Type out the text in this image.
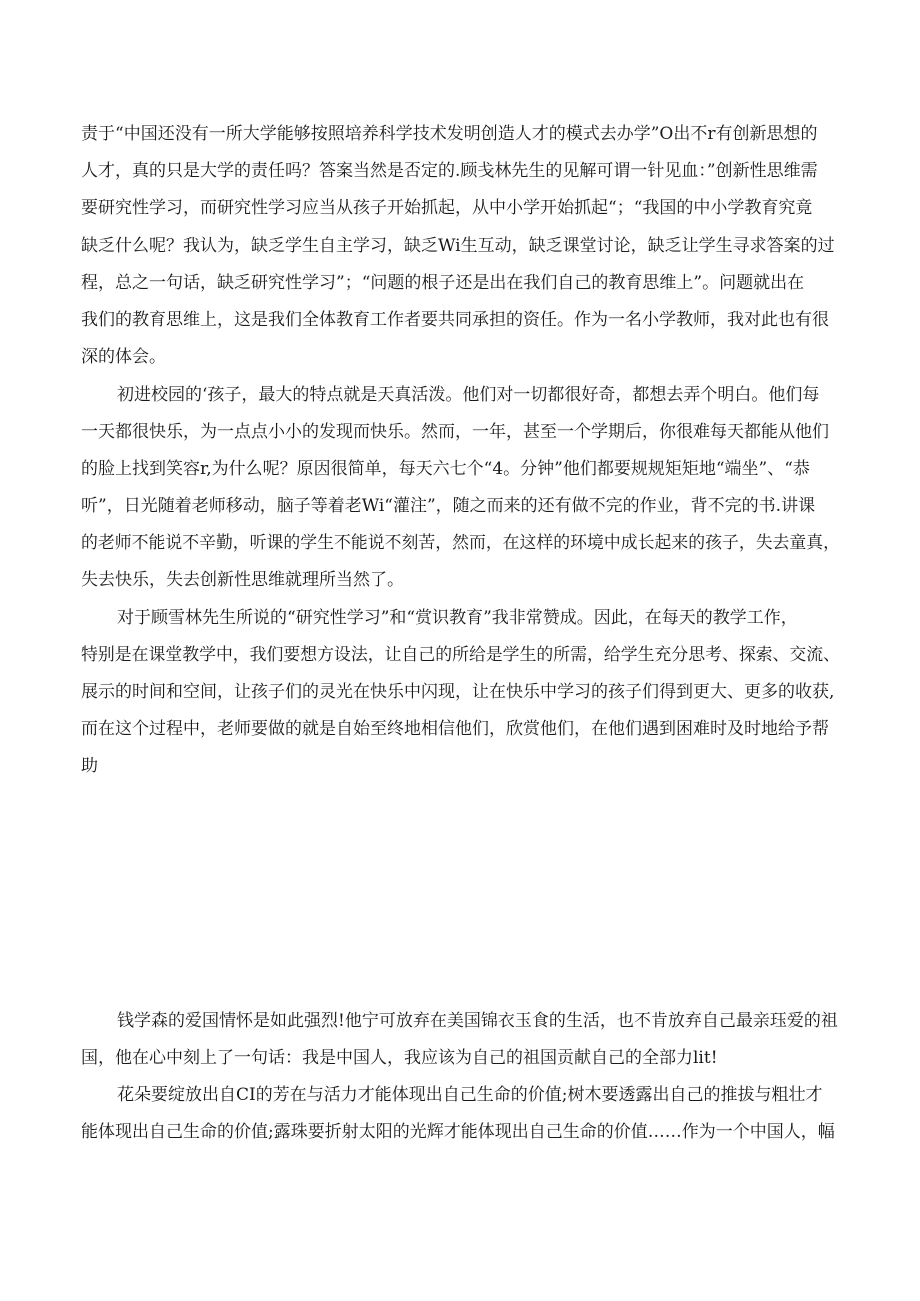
责于“中国还没有一所大学能够按照培养科学技术发明创造人才的模式去办学”O出不r有创新思想的
人才，真的只是大学的责任吗？答案当然是否定的.顾戋林先生的见解可谓一针见血：”创新性思维需
要研究性学习，而研究性学习应当从孩子开始抓起，从中小学开始抓起“；“我国的中小学教育究竟
缺乏什么呢？我认为，缺乏学生自主学习，缺乏Wi生互动，缺乏课堂讨论，缺乏让学生寻求答案的过
程，总之一句话，缺乏研究性学习”；“问题的根子还是出在我们自己的教育思维上”。问题就出在
我们的教育思维上，这是我们全体教育工作者要共同承担的资任。作为一名小学教师，我对此也有很
深的体会。
初进校园的‘孩子，最大的特点就是天真活泼。他们对一切都很好奇，都想去弄个明白。他们每
一天都很快乐，为一点点小小的发现而快乐。然而，一年，甚至一个学期后，你很难每天都能从他们
的脸上找到笑容r,为什么呢？原因很简单，每天六七个“4。分钟”他们都要规规矩矩地“端坐”、“恭
听”，日光随着老师移动，脑子等着老Wi“灌注”，随之而来的还有做不完的作业，背不完的书.讲课
的老师不能说不辛勤，听课的学生不能说不刻苦，然而，在这样的环境中成长起来的孩子，失去童真，
失去快乐，失去创新性思维就理所当然了。
对于顾雪林先生所说的“研究性学习”和“赏识教育”我非常赞成。因此，在每天的教学工作，
特别是在课堂教学中，我们要想方设法，让自己的所给是学生的所需，给学生充分思考、探索、交流、
展示的时间和空间，让孩子们的灵光在快乐中闪现，让在快乐中学习的孩子们得到更大、更多的收获,
而在这个过程中，老师要做的就是自始至终地相信他们，欣赏他们，在他们遇到困难时及时地给予帮
助
钱学森的爱国情怀是如此强烈!他宁可放弃在美国锦衣玉食的生活，也不肯放弃自己最亲珏爱的祖
国，他在心中刻上了一句话：我是中国人，我应该为自己的祖国贡献自己的全部力lit!
花朵要绽放出自CI的芳在与活力才能体现出自己生命的价值;树木要透露出自己的推拔与粗壮才
能体现出自己生命的价值;露珠要折射太阳的光辉才能体现出自己生命的价值……作为一个中国人，幅
